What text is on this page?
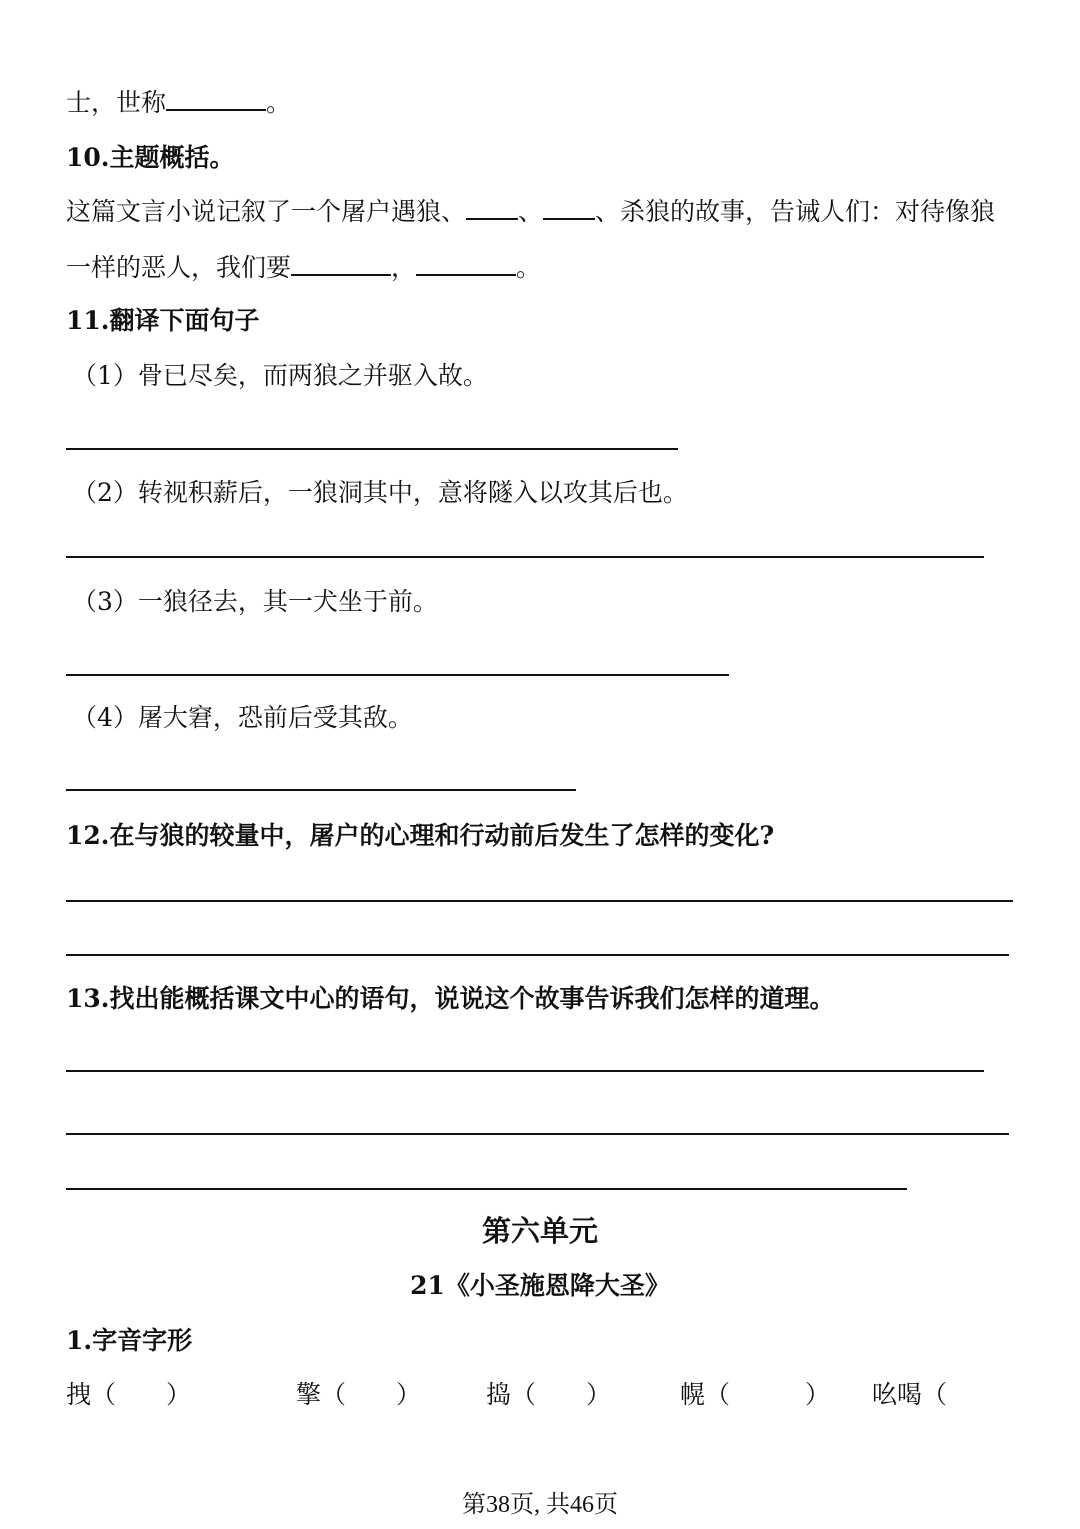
士，世称	。
10.主题概括。
这篇文言小说记叙了一个屠户遇狼、 、 、杀狼的故事，告诫人们：对待像狼
一样的恶人，我们要	，	。
11.翻译下面句子
（1）骨已尽矣，而两狼之并驱入故。
（2）转视积薪后，一狼洞其中，意将隧入以攻其后也。
（3）一狼径去，其一犬坐于前。
（4）屠大窘，恐前后受其敌。
12.在与狼的较量中，屠户的心理和行动前后发生了怎样的变化?
13.找出能概括课文中心的语句，说说这个故事告诉我们怎样的道理。
第六单元
21《小圣施恩降大圣》
1.字音字形
拽（　　）	擎（　　）	捣（　　）	幌（　　　） 吆喝（
第38页, 共46页
